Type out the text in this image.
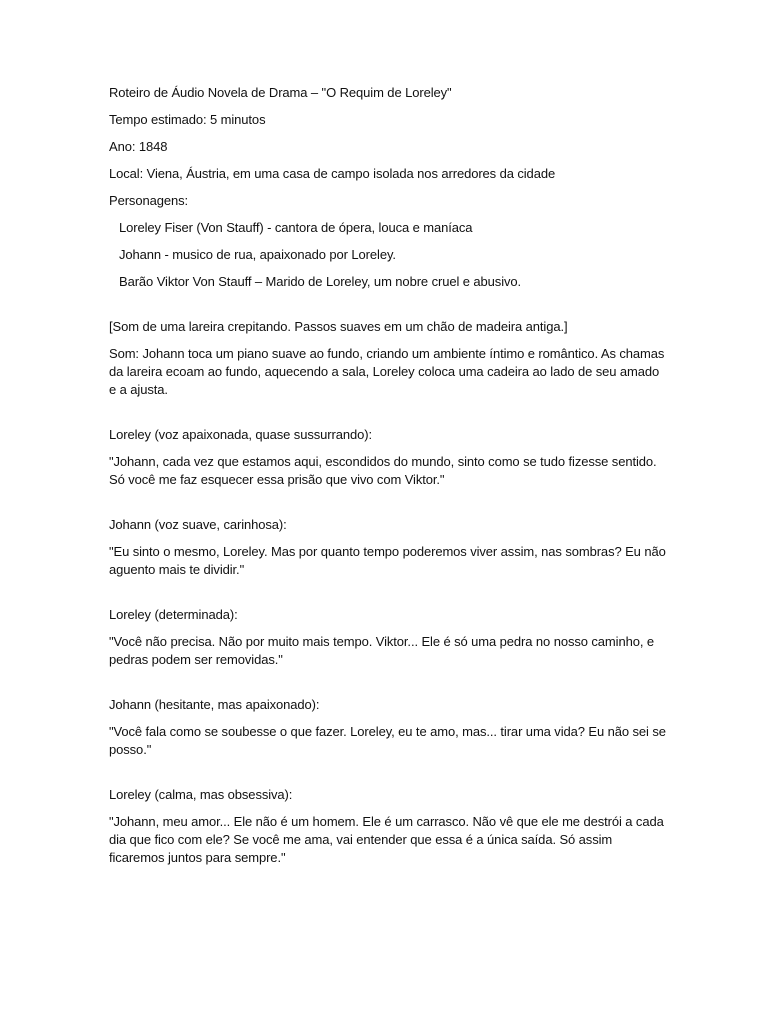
Roteiro de Áudio Novela de Drama – "O Requim de Loreley"

Tempo estimado: 5 minutos

Ano: 1848

Local: Viena, Áustria, em uma casa de campo isolada nos arredores da cidade

Personagens:

Loreley Fiser (Von Stauff) - cantora de ópera, louca e maníaca

Johann - musico de rua, apaixonado por Loreley.

Barão Viktor Von Stauff – Marido de Loreley, um nobre cruel e abusivo.

[Som de uma lareira crepitando. Passos suaves em um chão de madeira antiga.]

Som: Johann toca um piano suave ao fundo, criando um ambiente íntimo e romântico. As chamas da lareira ecoam ao fundo, aquecendo a sala, Loreley coloca uma cadeira ao lado de seu amado e a ajusta.

Loreley (voz apaixonada, quase sussurrando):

"Johann, cada vez que estamos aqui, escondidos do mundo, sinto como se tudo fizesse sentido. Só você me faz esquecer essa prisão que vivo com Viktor."

Johann (voz suave, carinhosa):

"Eu sinto o mesmo, Loreley. Mas por quanto tempo poderemos viver assim, nas sombras? Eu não aguento mais te dividir."

Loreley (determinada):

"Você não precisa. Não por muito mais tempo. Viktor... Ele é só uma pedra no nosso caminho, e pedras podem ser removidas."

Johann (hesitante, mas apaixonado):

"Você fala como se soubesse o que fazer. Loreley, eu te amo, mas... tirar uma vida? Eu não sei se posso."

Loreley (calma, mas obsessiva):

"Johann, meu amor... Ele não é um homem. Ele é um carrasco. Não vê que ele me destrói a cada dia que fico com ele? Se você me ama, vai entender que essa é a única saída. Só assim ficaremos juntos para sempre."
